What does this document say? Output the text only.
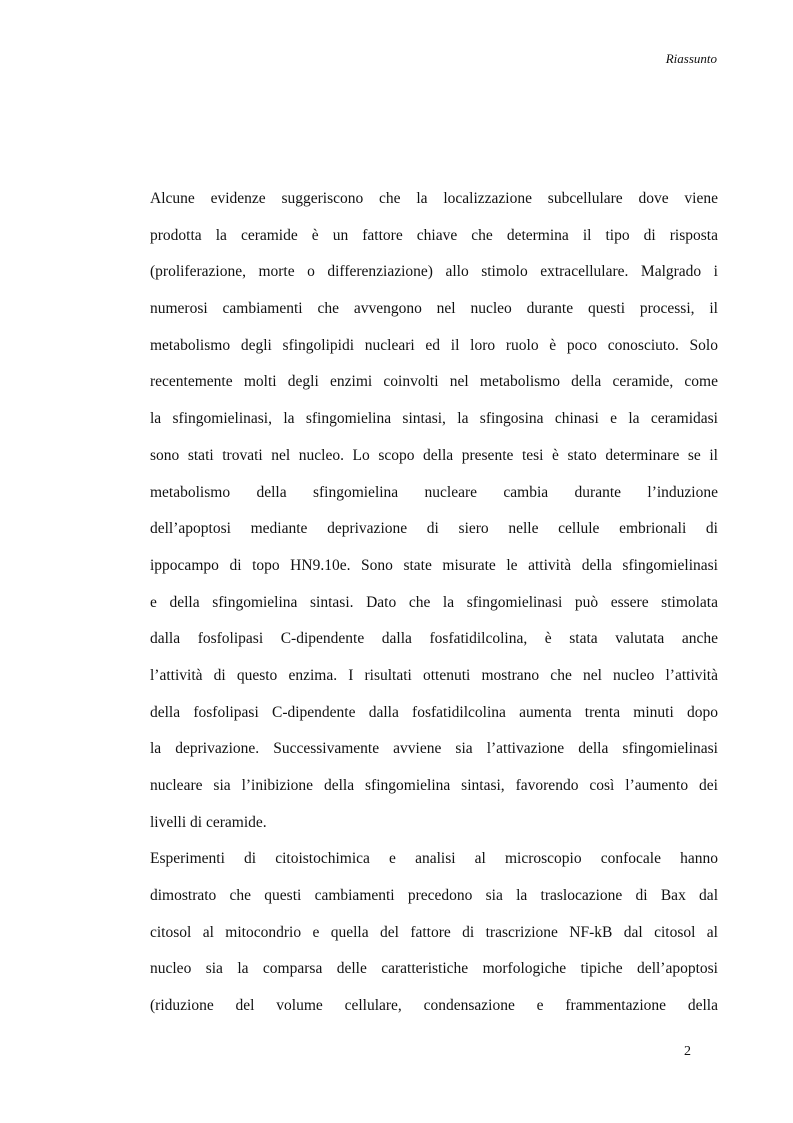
Riassunto
Alcune evidenze suggeriscono che la localizzazione subcellulare dove viene
prodotta la ceramide è un fattore chiave che determina il tipo di risposta
(proliferazione, morte o differenziazione) allo stimolo extracellulare. Malgrado i
numerosi cambiamenti che avvengono nel nucleo durante questi processi, il
metabolismo degli sfingolipidi nucleari ed il loro ruolo è poco conosciuto. Solo
recentemente molti degli enzimi coinvolti nel metabolismo della ceramide, come
la sfingomielinasi, la sfingomielina sintasi, la sfingosina chinasi e la ceramidasi
sono stati trovati nel nucleo. Lo scopo della presente tesi è stato determinare se il
metabolismo della sfingomielina nucleare cambia durante l’induzione
dell’apoptosi mediante deprivazione di siero nelle cellule embrionali di
ippocampo di topo HN9.10e. Sono state misurate le attività della sfingomielinasi
e della sfingomielina sintasi. Dato che la sfingomielinasi può essere stimolata
dalla fosfolipasi C-dipendente dalla fosfatidilcolina, è stata valutata anche
l’attività di questo enzima. I risultati ottenuti mostrano che nel nucleo l’attività
della fosfolipasi C-dipendente dalla fosfatidilcolina aumenta trenta minuti dopo
la deprivazione. Successivamente avviene sia l’attivazione della sfingomielinasi
nucleare sia l’inibizione della sfingomielina sintasi, favorendo così l’aumento dei
livelli di ceramide.
Esperimenti di citoistochimica e analisi al microscopio confocale hanno
dimostrato che questi cambiamenti precedono sia la traslocazione di Bax dal
citosol al mitocondrio e quella del fattore di trascrizione NF-kB dal citosol al
nucleo sia la comparsa delle caratteristiche morfologiche tipiche dell’apoptosi
(riduzione del volume cellulare, condensazione e frammentazione della
2
